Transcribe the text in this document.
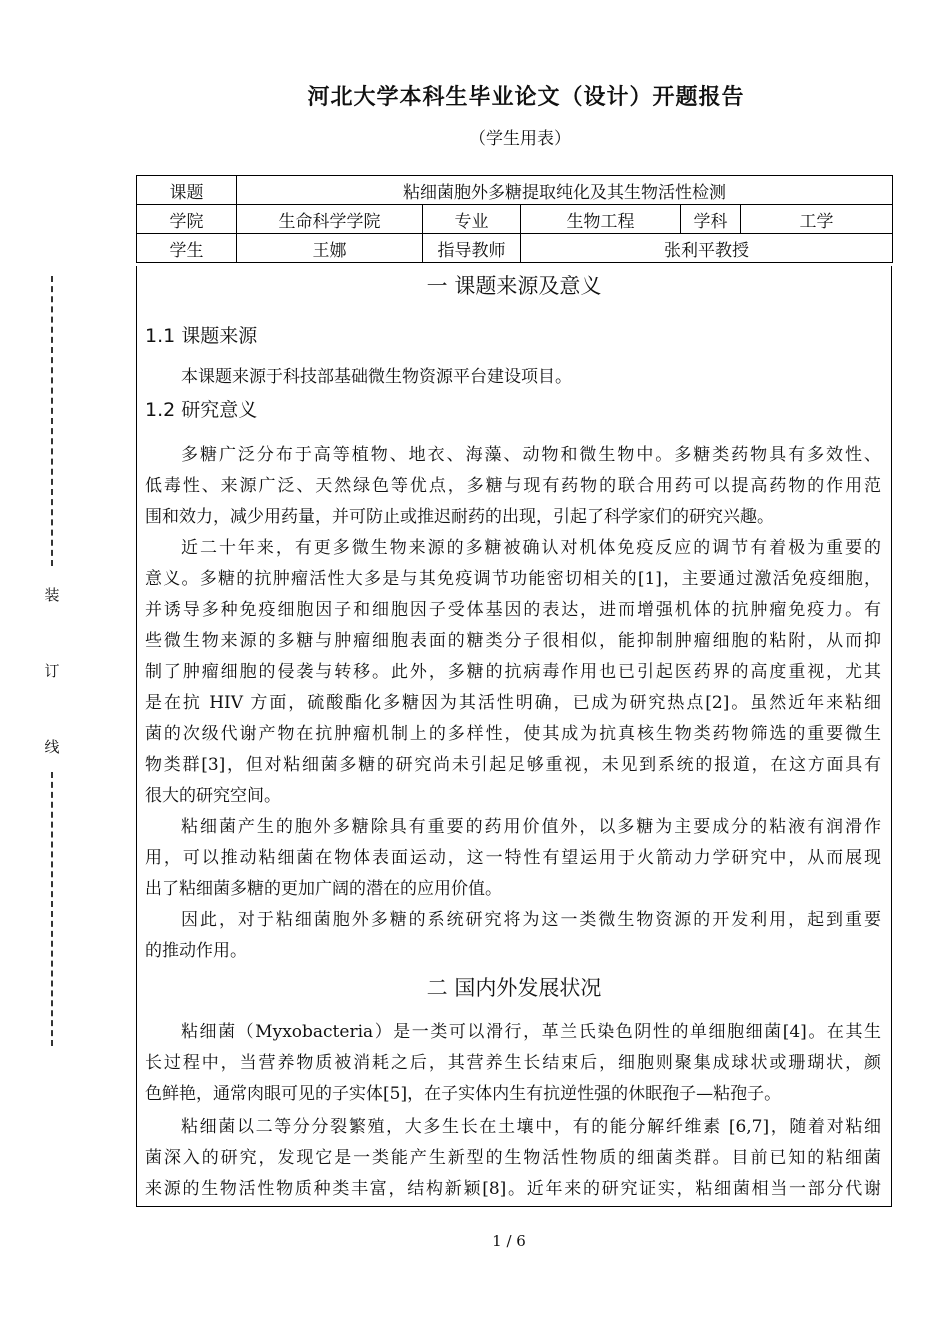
河北大学本科生毕业论文（设计）开题报告
（学生用表）
装
订
线
课题	粘细菌胞外多糖提取纯化及其生物活性检测				
学院	生命科学学院	专业	生物工程	学科	工学
学生	王娜	指导教师	张利平教授		
一 课题来源及意义
1.1 课题来源
本课题来源于科技部基础微生物资源平台建设项目。
1.2 研究意义
多糖广泛分布于高等植物、地衣、海藻、动物和微生物中。多糖类药物具有多效性、
低毒性、来源广泛、天然绿色等优点，多糖与现有药物的联合用药可以提高药物的作用范
围和效力，减少用药量，并可防止或推迟耐药的出现，引起了科学家们的研究兴趣。
近二十年来，有更多微生物来源的多糖被确认对机体免疫反应的调节有着极为重要的
意义。多糖的抗肿瘤活性大多是与其免疫调节功能密切相关的[1]，主要通过激活免疫细胞，
并诱导多种免疫细胞因子和细胞因子受体基因的表达，进而增强机体的抗肿瘤免疫力。有
些微生物来源的多糖与肿瘤细胞表面的糖类分子很相似，能抑制肿瘤细胞的粘附，从而抑
制了肿瘤细胞的侵袭与转移。此外，多糖的抗病毒作用也已引起医药界的高度重视，尤其
是在抗 HIV 方面，硫酸酯化多糖因为其活性明确，已成为研究热点[2]。虽然近年来粘细
菌的次级代谢产物在抗肿瘤机制上的多样性，使其成为抗真核生物类药物筛选的重要微生
物类群[3]，但对粘细菌多糖的研究尚未引起足够重视，未见到系统的报道，在这方面具有
很大的研究空间。
粘细菌产生的胞外多糖除具有重要的药用价值外，以多糖为主要成分的粘液有润滑作
用，可以推动粘细菌在物体表面运动，这一特性有望运用于火箭动力学研究中，从而展现
出了粘细菌多糖的更加广阔的潜在的应用价值。
因此，对于粘细菌胞外多糖的系统研究将为这一类微生物资源的开发利用，起到重要
的推动作用。
二 国内外发展状况
粘细菌（Myxobacteria）是一类可以滑行，革兰氏染色阴性的单细胞细菌[4]。在其生
长过程中，当营养物质被消耗之后，其营养生长结束后，细胞则聚集成球状或珊瑚状，颜
色鲜艳，通常肉眼可见的子实体[5]，在子实体内生有抗逆性强的休眠孢子—粘孢子。
粘细菌以二等分分裂繁殖，大多生长在土壤中，有的能分解纤维素 [6,7]，随着对粘细
菌深入的研究，发现它是一类能产生新型的生物活性物质的细菌类群。目前已知的粘细菌
来源的生物活性物质种类丰富，结构新颖[8]。近年来的研究证实，粘细菌相当一部分代谢
1 / 6
